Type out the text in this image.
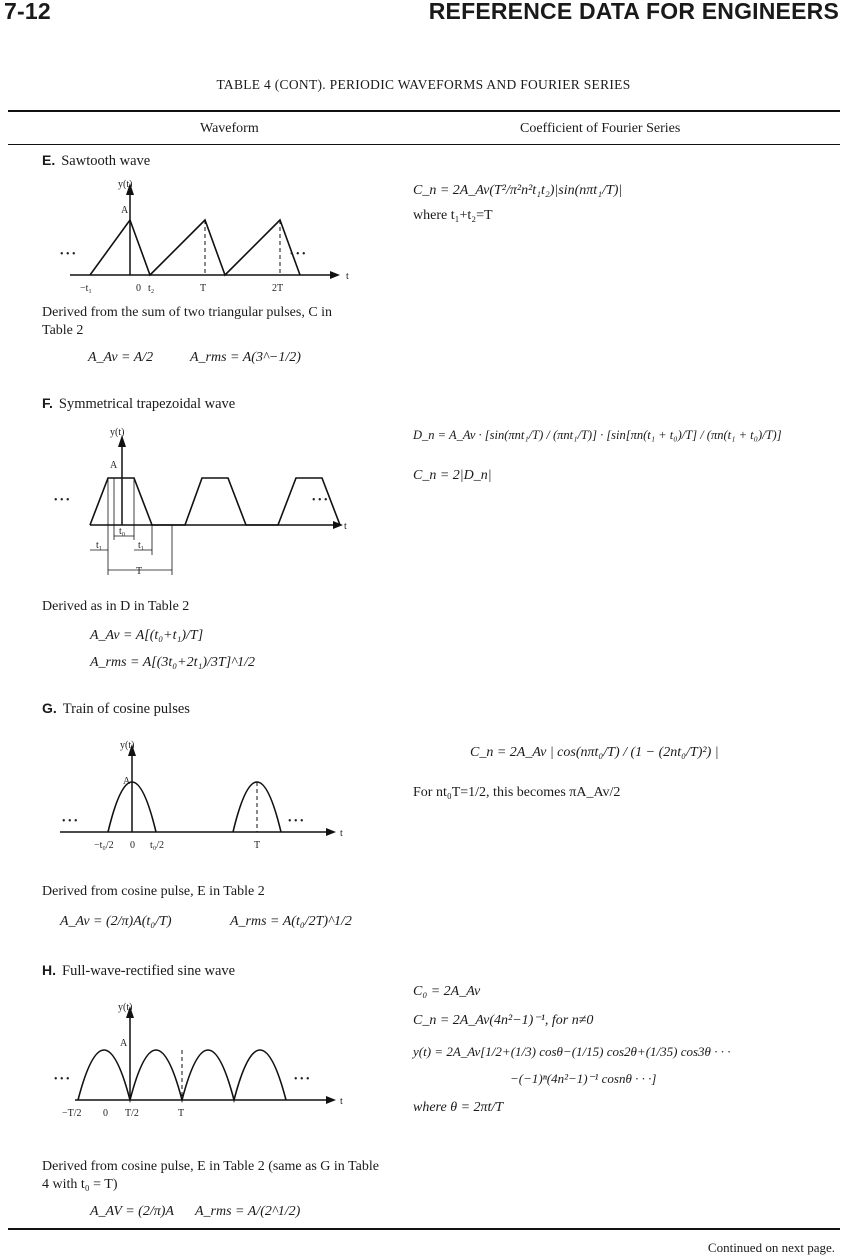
7-12	REFERENCE DATA FOR ENGINEERS
TABLE 4 (CONT). PERIODIC WAVEFORMS AND FOURIER SERIES
Waveform	Coefficient of Fourier Series
E. Sawtooth wave
y(t)
A
t
• • •	• • •
−t₁	0 t₂	T	2T
Derived from the sum of two triangular pulses, C in Table 2
A_Av = A/2	A_rms = A(3^−1/2)
C_n = 2A_Av(T²/π²n²t₁t₂)|sin(nπt₁/T)|
where t₁+t₂=T
F. Symmetrical trapezoidal wave
y(t)
A
t
• • •	• • •
t₀
t₁	t₁
T
Derived as in D in Table 2
A_Av = A[(t₀+t₁)/T]
A_rms = A[(3t₀+2t₁)/3T]^1/2
D_n = A_Av · [sin(πnt₁/T) / (πnt₁/T)] · [sin[πn(t₁ + t₀)/T] / (πn(t₁ + t₀)/T)]
C_n = 2|D_n|
G. Train of cosine pulses
y(t)
A
t
• • •	• • •
−t₀/2 0 t₀/2	T
Derived from cosine pulse, E in Table 2
A_Av = (2/π)A(t₀/T)	A_rms = A(t₀/2T)^1/2
C_n = 2A_Av | cos(nπt₀/T) / (1 − (2nt₀/T)²) |
For nt₀T=1/2, this becomes πA_Av/2
H. Full-wave-rectified sine wave
y(t)
A
t
• • •	• • •
−T/2 0 T/2	T
Derived from cosine pulse, E in Table 2 (same as G in Table 4 with t₀ = T)
A_AV = (2/π)A A_rms = A/(2^1/2)
C₀ = 2A_Av
C_n = 2A_Av(4n²−1)⁻¹, for n≠0
y(t) = 2A_Av[1/2+(1/3) cosθ−(1/15) cos2θ+(1/35) cos3θ · · ·
−(−1)ⁿ(4n²−1)⁻¹ cosnθ · · ·]
where θ = 2πt/T
Continued on next page.
